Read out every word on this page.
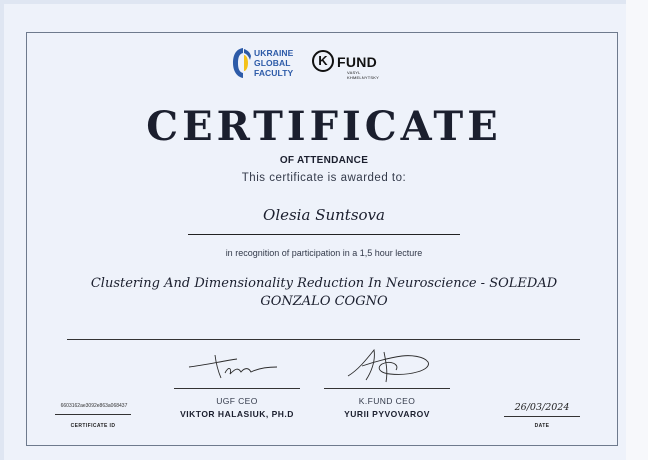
UKRAINE
GLOBAL
FACULTY
K FUND
VASYL
KHMELNYTSKY
CERTIFICATE
OF ATTENDANCE
This certificate is awarded to:
Olesia Suntsova
in recognition of participation in a 1,5 hour lecture
Clustering And Dimensionality Reduction In Neuroscience - SOLEDAD
GONZALO COGNO
UGF CEO
VIKTOR HALASIUK, PH.D
K.FUND CEO
YURII PYVOVAROV
6603162ae3092e863a068437
CERTIFICATE ID
26/03/2024
DATE
